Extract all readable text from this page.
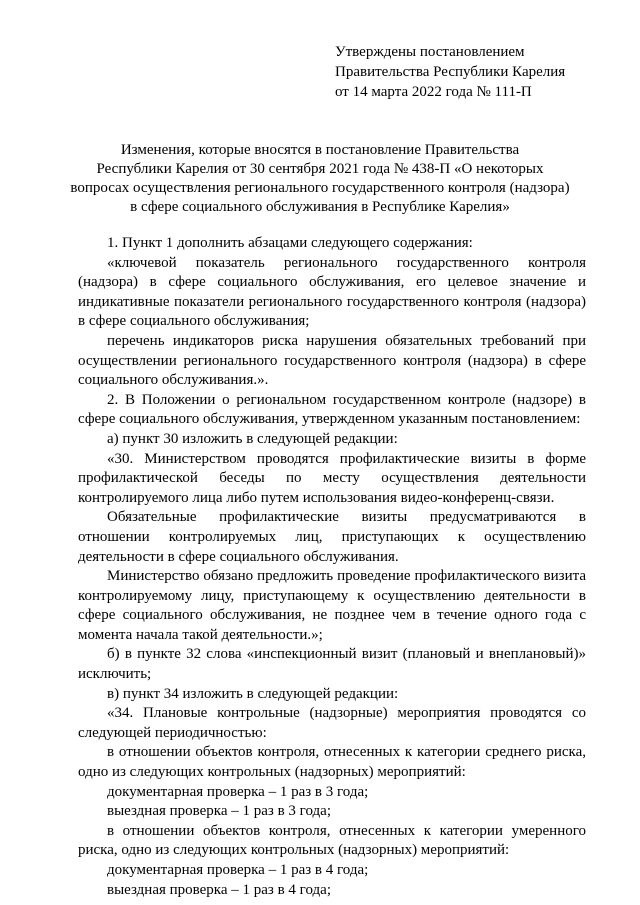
Утверждены постановлением
Правительства Республики Карелия
от 14 марта 2022 года № 111-П
Изменения, которые вносятся в постановление Правительства
Республики Карелия от 30 сентября 2021 года № 438-П «О некоторых
вопросах осуществления регионального государственного контроля (надзора)
в сфере социального обслуживания в Республике Карелия»

1. Пункт 1 дополнить абзацами следующего содержания:

«ключевой показатель регионального государственного контроля (надзора) в сфере социального обслуживания, его целевое значение и индикативные показатели регионального государственного контроля (надзора) в сфере социального обслуживания;

перечень индикаторов риска нарушения обязательных требований при осуществлении регионального государственного контроля (надзора) в сфере социального обслуживания.».

2. В Положении о региональном государственном контроле (надзоре) в сфере социального обслуживания, утвержденном указанным постановлением:

а) пункт 30 изложить в следующей редакции:

«30. Министерством проводятся профилактические визиты в форме профилактической беседы по месту осуществления деятельности контролируемого лица либо путем использования видео-конференц-связи.

Обязательные профилактические визиты предусматриваются в отношении контролируемых лиц, приступающих к осуществлению деятельности в сфере социального обслуживания.

Министерство обязано предложить проведение профилактического визита контролируемому лицу, приступающему к осуществлению деятельности в сфере социального обслуживания, не позднее чем в течение одного года с момента начала такой деятельности.»;

б) в пункте 32 слова «инспекционный визит (плановый и внеплановый)» исключить;

в) пункт 34 изложить в следующей редакции:

«34. Плановые контрольные (надзорные) мероприятия проводятся со следующей периодичностью:

в отношении объектов контроля, отнесенных к категории среднего риска, одно из следующих контрольных (надзорных) мероприятий:

документарная проверка – 1 раз в 3 года;

выездная проверка – 1 раз в 3 года;

в отношении объектов контроля, отнесенных к категории умеренного риска, одно из следующих контрольных (надзорных) мероприятий:

документарная проверка – 1 раз в 4 года;

выездная проверка – 1 раз в 4 года;
